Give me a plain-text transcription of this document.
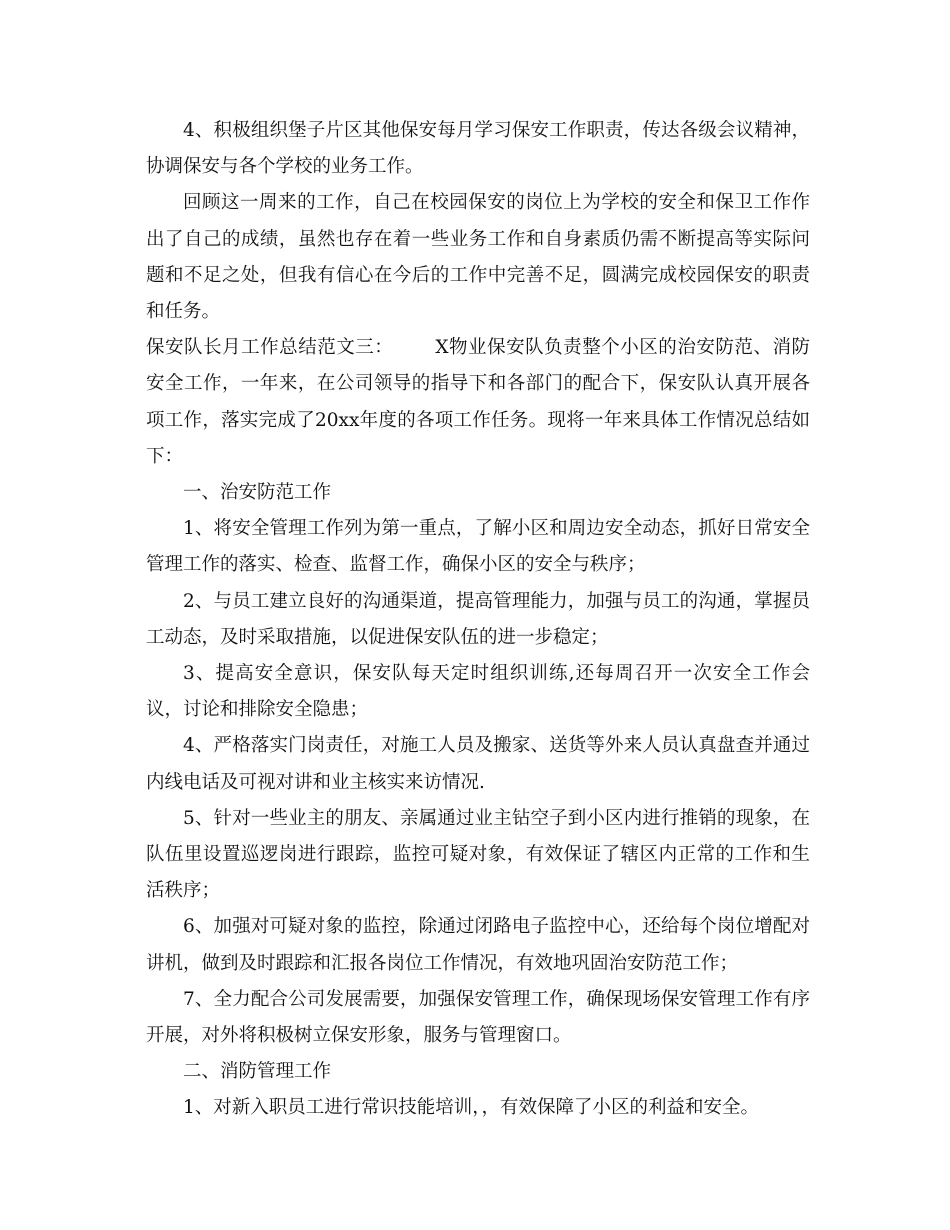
4、积极组织堡子片区其他保安每月学习保安工作职责，传达各级会议精神，协调保安与各个学校的业务工作。

回顾这一周来的工作，自己在校园保安的岗位上为学校的安全和保卫工作作出了自己的成绩，虽然也存在着一些业务工作和自身素质仍需不断提高等实际问题和不足之处，但我有信心在今后的工作中完善不足，圆满完成校园保安的职责和任务。

保安队长月工作总结范文三： X物业保安队负责整个小区的治安防范、消防安全工作，一年来，在公司领导的指导下和各部门的配合下，保安队认真开展各项工作，落实完成了20xx年度的各项工作任务。现将一年来具体工作情况总结如下：

一、治安防范工作

1、将安全管理工作列为第一重点，了解小区和周边安全动态，抓好日常安全管理工作的落实、检查、监督工作，确保小区的安全与秩序；

2、与员工建立良好的沟通渠道，提高管理能力，加强与员工的沟通，掌握员工动态，及时采取措施，以促进保安队伍的进一步稳定；

3、提高安全意识，保安队每天定时组织训练,还每周召开一次安全工作会议，讨论和排除安全隐患；

4、严格落实门岗责任，对施工人员及搬家、送货等外来人员认真盘查并通过内线电话及可视对讲和业主核实来访情况.

5、针对一些业主的朋友、亲属通过业主钻空子到小区内进行推销的现象，在队伍里设置巡逻岗进行跟踪，监控可疑对象，有效保证了辖区内正常的工作和生活秩序；

6、加强对可疑对象的监控，除通过闭路电子监控中心，还给每个岗位增配对讲机，做到及时跟踪和汇报各岗位工作情况，有效地巩固治安防范工作；

7、全力配合公司发展需要，加强保安管理工作，确保现场保安管理工作有序开展，对外将积极树立保安形象，服务与管理窗口。

二、消防管理工作

1、对新入职员工进行常识技能培训，，有效保障了小区的利益和安全。
